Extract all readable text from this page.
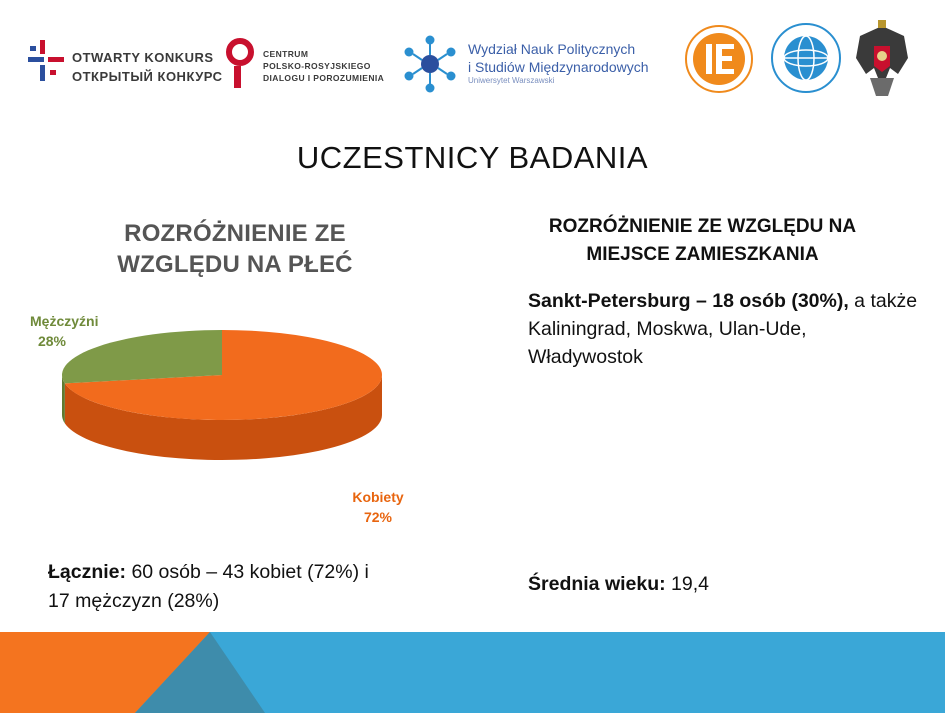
OTWARTY KONKURS
ОТКРЫТЫЙ КОНКУРС
CENTRUM
POLSKO-ROSYJSKIEGO
DIALOGU I POROZUMIENIA
Wydział Nauk Politycznych
i Studiów Międzynarodowych
Uniwersytet Warszawski
UCZESTNICY BADANIA
ROZRÓŻNIENIE ZE WZGLĘDU NA PŁEĆ
Kobiety
72%
Mężczyźni
28%
ROZRÓŻNIENIE ZE WZGLĘDU NA MIEJSCE ZAMIESZKANIA
Sankt-Petersburg – 18 osób (30%), a także Kaliningrad, Moskwa, Ulan-Ude, Władywostok
Łącznie: 60 osób – 43 kobiet (72%) i 17 mężczyzn (28%)
Średnia wieku: 19,4
